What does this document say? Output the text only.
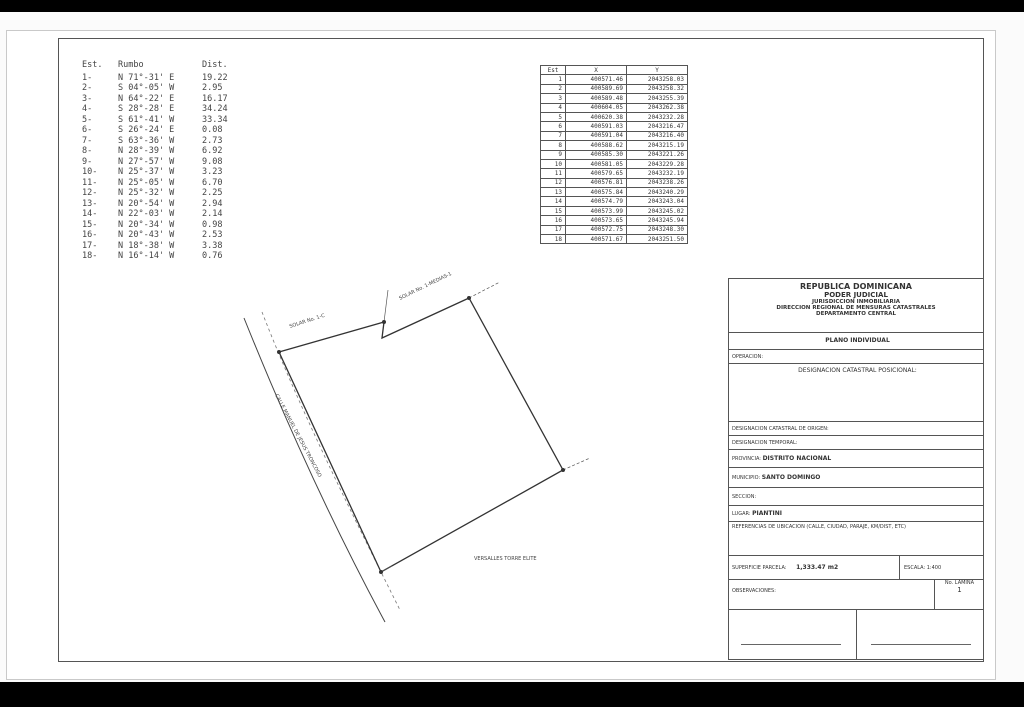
Est.	Rumbo	Dist.
1-	N 71°-31' E	19.22
2-	S 04°-05' W	2.95
3-	N 64°-22' E	16.17
4-	S 28°-28' E	34.24
5-	S 61°-41' W	33.34
6-	S 26°-24' E	0.08
7-	S 63°-36' W	2.73
8-	N 28°-39' W	6.92
9-	N 27°-57' W	9.08
10-	N 25°-37' W	3.23
11-	N 25°-05' W	6.70
12-	N 25°-32' W	2.25
13-	N 20°-54' W	2.94
14-	N 22°-03' W	2.14
15-	N 20°-34' W	0.98
16-	N 20°-43' W	2.53
17-	N 18°-38' W	3.38
18-	N 16°-14' W	0.76
Est	X	Y
1	400571.46	2043258.03
2	400589.69	2043258.32
3	400589.48	2043255.39
4	400604.05	2043262.38
5	400620.38	2043232.28
6	400591.03	2043216.47
7	400591.04	2043216.40
8	400588.62	2043215.19
9	400585.30	2043221.26
10	400581.05	2043229.28
11	400579.65	2043232.19
12	400576.81	2043238.26
13	400575.84	2043240.29
14	400574.79	2043243.04
15	400573.99	2043245.02
16	400573.65	2043245.94
17	400572.75	2043248.30
18	400571.67	2043251.50
SOLAR No. 1-C
SOLAR No. 1-MEDIAS-1
CALLE MANUEL DE JESUS TRONCOSO
VERSALLES TORRE ELITE
REPUBLICA DOMINICANA
PODER JUDICIAL
JURISDICCION INMOBILIARIA
DIRECCION REGIONAL DE MENSURAS CATASTRALES
DEPARTAMENTO CENTRAL
PLANO INDIVIDUAL
OPERACION:
DESIGNACION CATASTRAL POSICIONAL:
DESIGNACION CATASTRAL DE ORIGEN:
DESIGNACION TEMPORAL:
PROVINCIA: DISTRITO NACIONAL
MUNICIPIO: SANTO DOMINGO
SECCION:
LUGAR: PIANTINI
REFERENCIAS DE UBICACION (CALLE, CIUDAD, PARAJE, KM/DIST, ETC)
SUPERFICIE PARCELA: 1,333.47 m2	ESCALA: 1:400
OBSERVACIONES:
No. LAMINA
1
